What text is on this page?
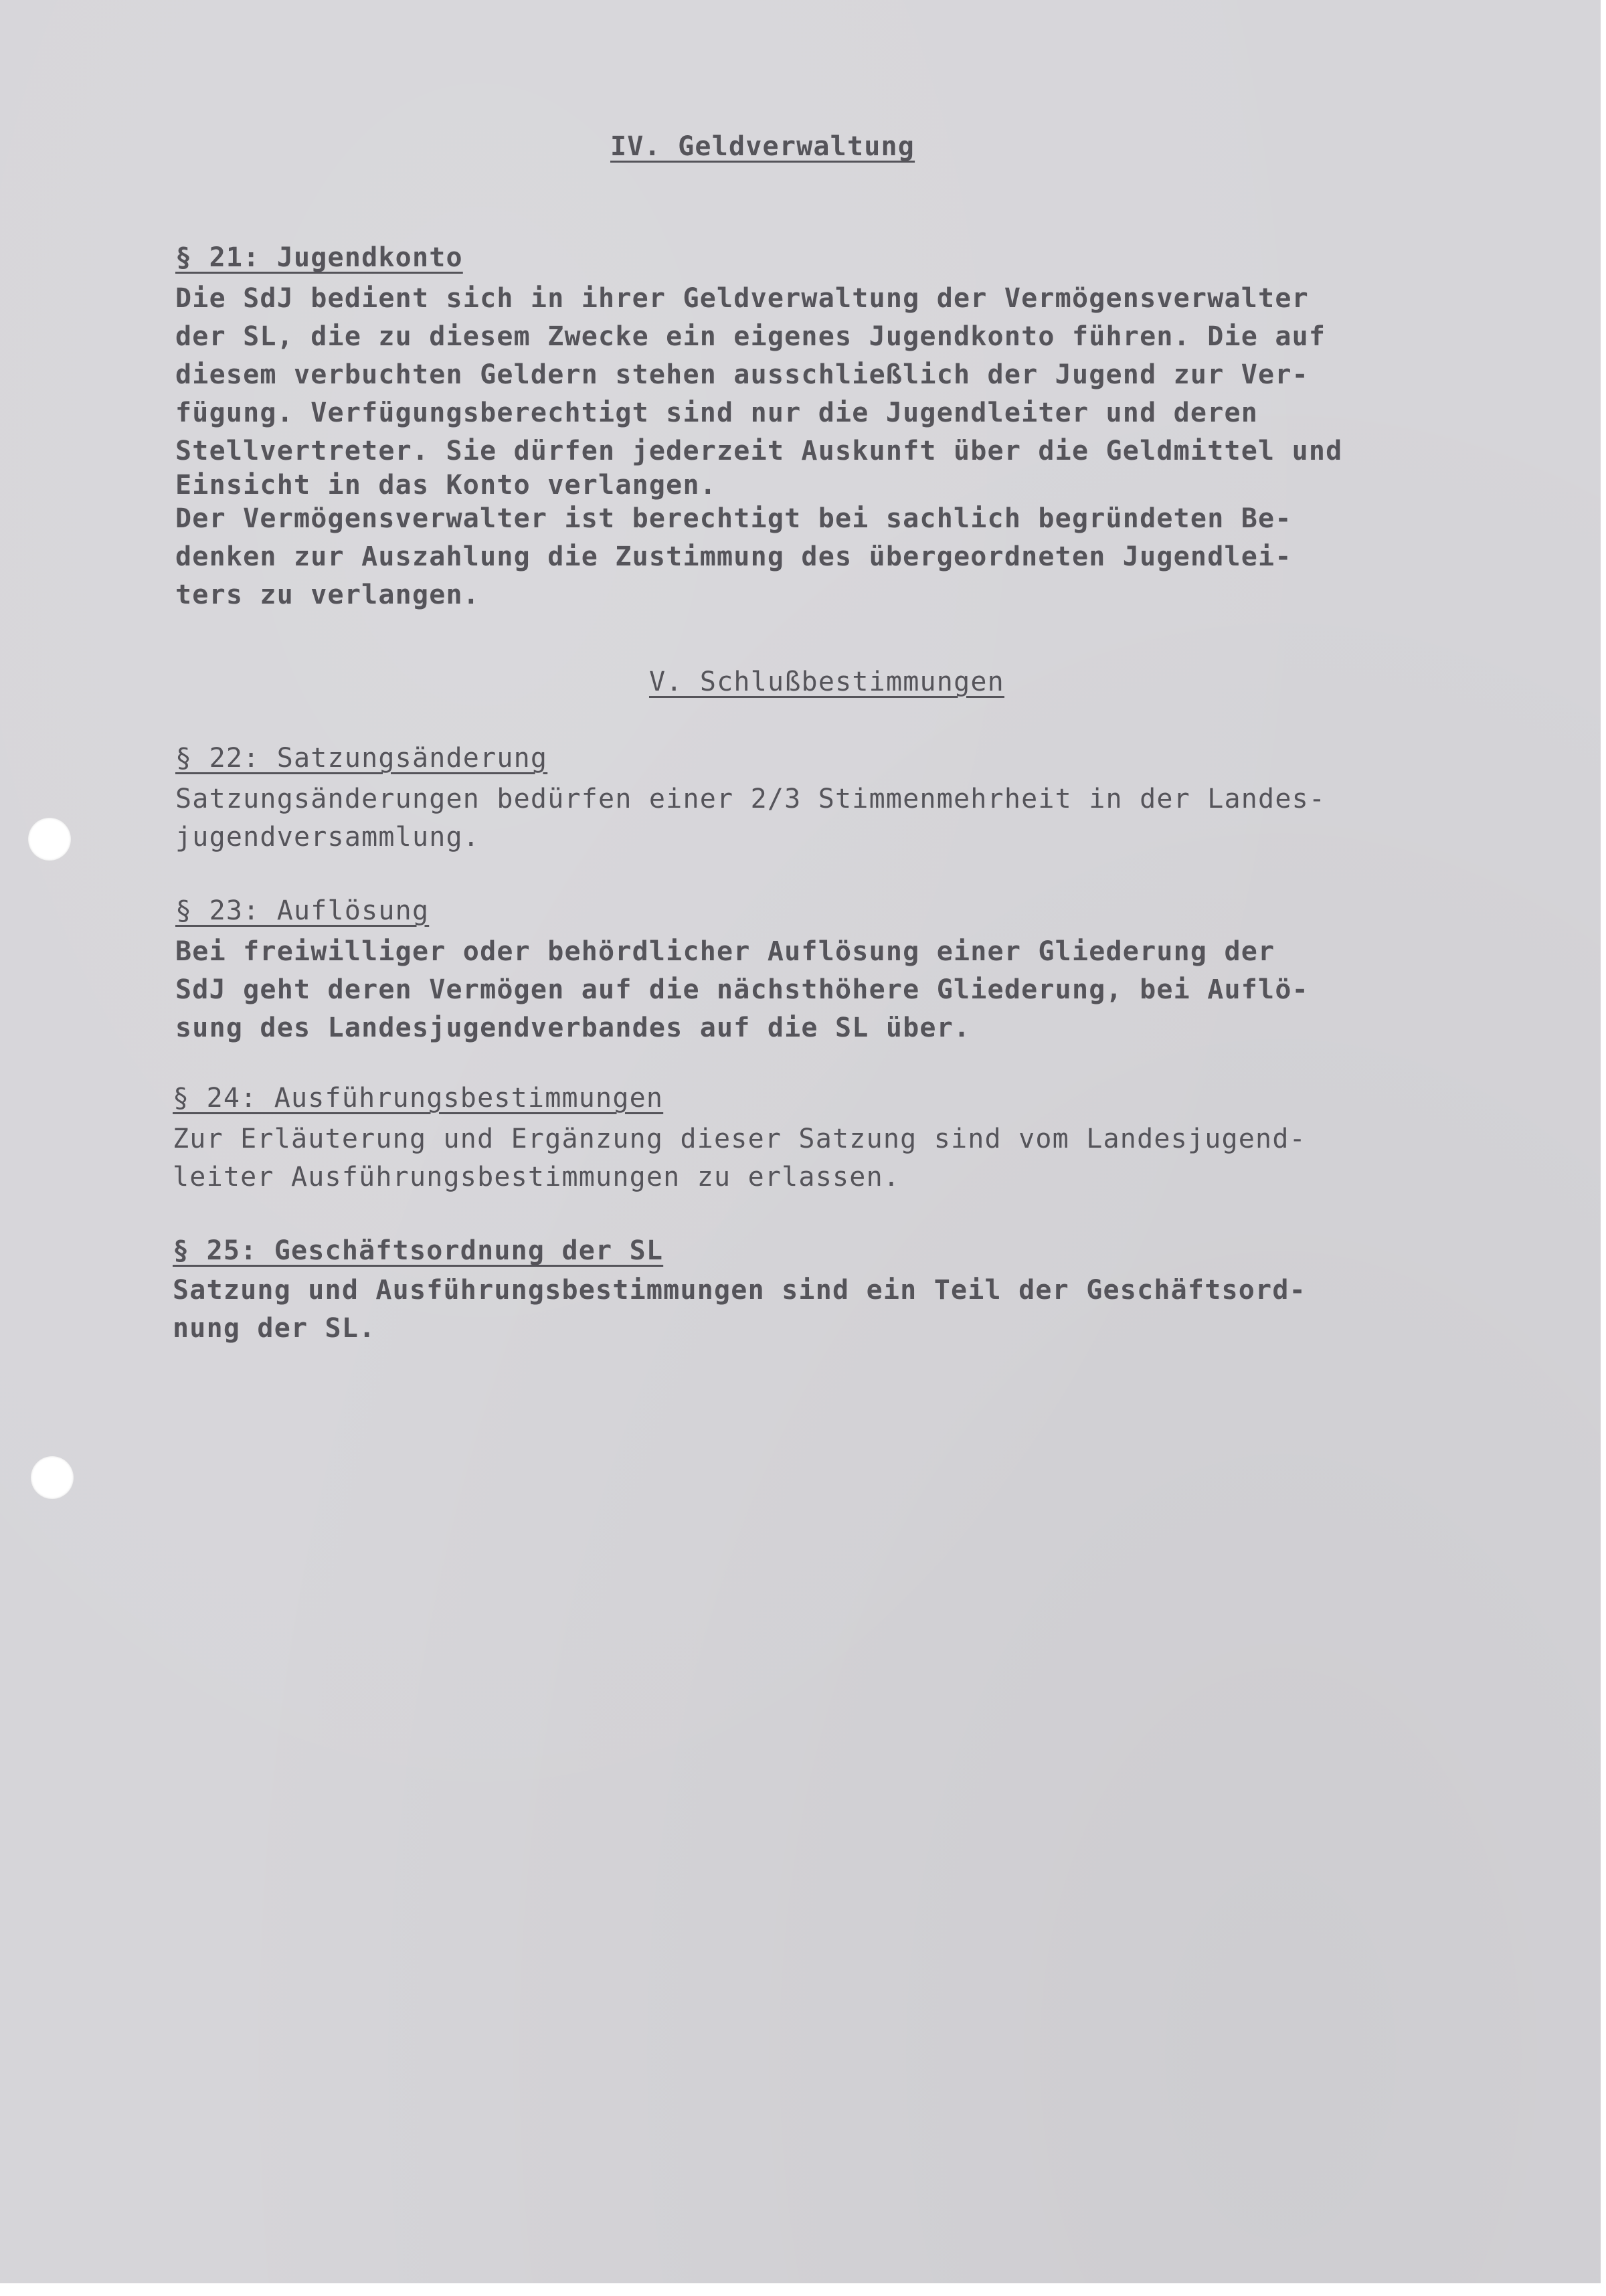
IV. Geldverwaltung

§ 21: Jugendkonto

Die SdJ bedient sich in ihrer Geldverwaltung der Vermögensverwalter
der SL, die zu diesem Zwecke ein eigenes Jugendkonto führen. Die auf
diesem verbuchten Geldern stehen ausschließlich der Jugend zur Ver-
fügung. Verfügungsberechtigt sind nur die Jugendleiter und deren
Stellvertreter. Sie dürfen jederzeit Auskunft über die Geldmittel und
Einsicht in das Konto verlangen.
Der Vermögensverwalter ist berechtigt bei sachlich begründeten Be-
denken zur Auszahlung die Zustimmung des übergeordneten Jugendlei-
ters zu verlangen.

V. Schlußbestimmungen

§ 22: Satzungsänderung

Satzungsänderungen bedürfen einer 2/3 Stimmenmehrheit in der Landes-
jugendversammlung.

§ 23: Auflösung

Bei freiwilliger oder behördlicher Auflösung einer Gliederung der
SdJ geht deren Vermögen auf die nächsthöhere Gliederung, bei Auflö-
sung des Landesjugendverbandes auf die SL über.

§ 24: Ausführungsbestimmungen

Zur Erläuterung und Ergänzung dieser Satzung sind vom Landesjugend-
leiter Ausführungsbestimmungen zu erlassen.

§ 25: Geschäftsordnung der SL

Satzung und Ausführungsbestimmungen sind ein Teil der Geschäftsord-
nung der SL.
